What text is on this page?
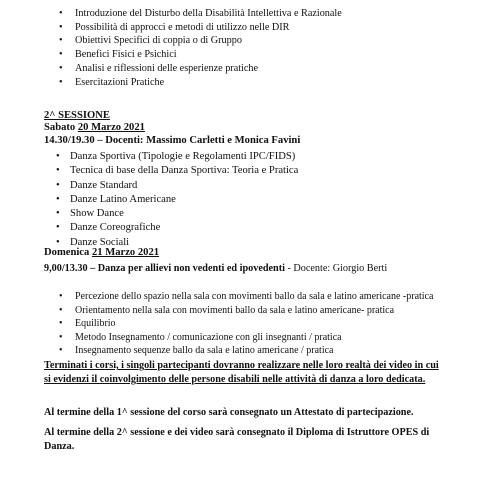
• Introduzione del Disturbo della Disabilità Intellettiva e Razionale
• Possibilità di approcci e metodi di utilizzo nelle DIR
• Obiettivi Specifici di coppia o di Gruppo
• Benefici Fisici e Psichici
• Analisi e riflessioni delle esperienze pratiche
• Esercitazioni Pratiche
2^ SESSIONE
Sabato 20 Marzo 2021
14.30/19.30 – Docenti: Massimo Carletti e Monica Favini
• Danza Sportiva (Tipologie e Regolamenti IPC/FIDS)
• Tecnica di base della Danza Sportiva: Teoria e Pratica
• Danze Standard
• Danze Latino Americane
• Show Dance
• Danze Coreografiche
• Danze Sociali
Domenica 21 Marzo 2021
9,00/13.30 – Danza per allievi non vedenti ed ipovedenti - Docente: Giorgio Berti
• Percezione dello spazio nella sala con movimenti ballo da sala e latino americane -pratica
• Orientamento nella sala con movimenti ballo da sala e latino americane- pratica
• Equilibrio
• Metodo Insegnamento / comunicazione con gli insegnanti / pratica
• Insegnamento sequenze ballo da sala e latino americane / pratica
Terminati i corsi, i singoli partecipanti dovranno realizzare nelle loro realtà dei video in cui si evidenzi il coinvolgimento delle persone disabili nelle attività di danza a loro dedicata.
Al termine della 1^ sessione del corso sarà consegnato un Attestato di partecipazione.
Al termine della 2^ sessione e dei video sarà consegnato il Diploma di Istruttore OPES di Danza.
